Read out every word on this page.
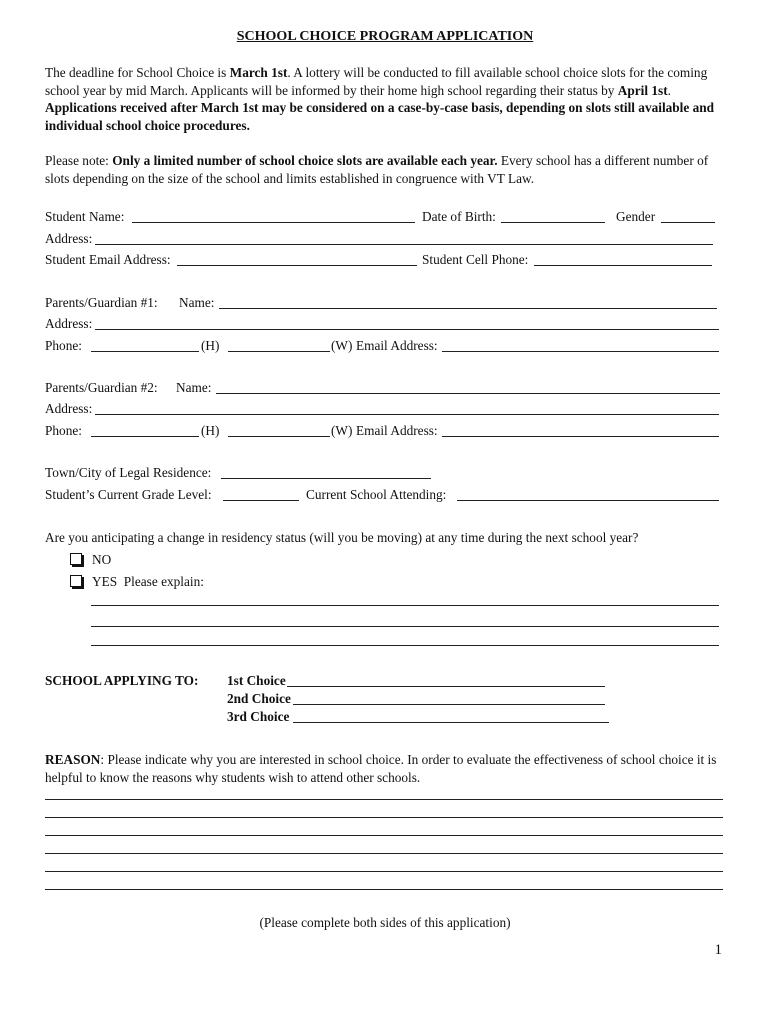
SCHOOL CHOICE PROGRAM APPLICATION
The deadline for School Choice is March 1st. A lottery will be conducted to fill available school choice slots for the coming school year by mid March. Applicants will be informed by their home high school regarding their status by April 1st. Applications received after March 1st may be considered on a case-by-case basis, depending on slots still available and individual school choice procedures.
Please note: Only a limited number of school choice slots are available each year. Every school has a different number of slots depending on the size of the school and limits established in congruence with VT Law.
Student Name:	Date of Birth:	Gender
Address:
Student Email Address:	Student Cell Phone:
Parents/Guardian #1: Name:
Address:
Phone:	(H)	(W) Email Address:
Parents/Guardian #2: Name:
Address:
Phone:	(H)	(W) Email Address:
Town/City of Legal Residence:
Student’s Current Grade Level:	Current School Attending:
Are you anticipating a change in residency status (will you be moving) at any time during the next school year?
NO
YES Please explain:
SCHOOL APPLYING TO: 1st Choice
2nd Choice
3rd Choice
REASON: Please indicate why you are interested in school choice. In order to evaluate the effectiveness of school choice it is helpful to know the reasons why students wish to attend other schools.
(Please complete both sides of this application)
1
